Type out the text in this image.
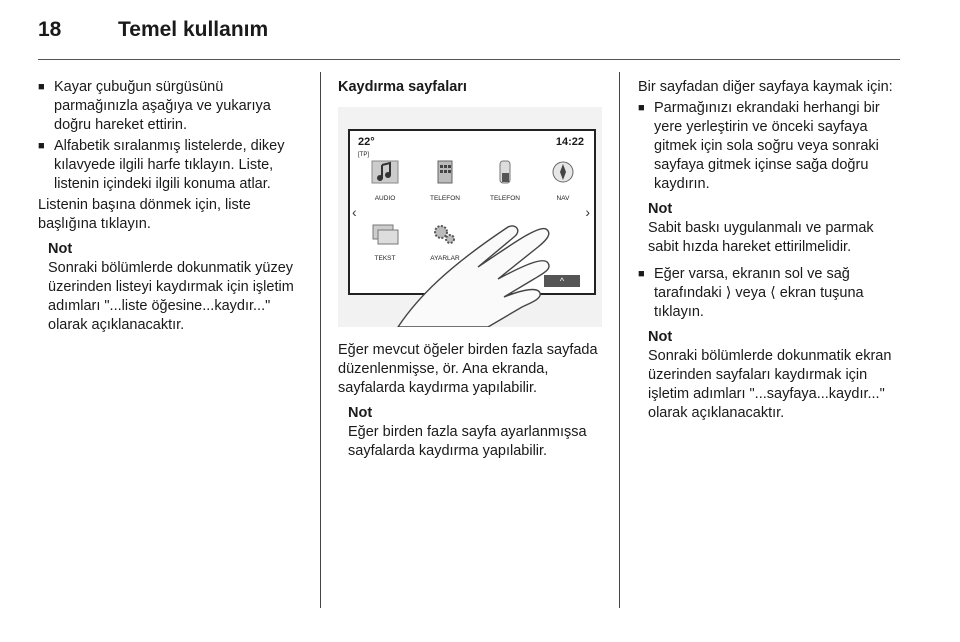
18	Temel kullanım
■ Kayar çubuğun sürgüsünü parmağınızla aşağıya ve yukarıya doğru hareket ettirin.
■ Alfabetik sıralanmış listelerde, dikey kılavyede ilgili harfe tıklayın. Liste, listenin içindeki ilgili konuma atlar.

Listenin başına dönmek için, liste başlığına tıklayın.

Not
Sonraki bölümlerde dokunmatik yüzey üzerinden listeyi kaydırmak için işletim adımları "...liste öğesine...kaydır..." olarak açıklanacaktır.
Kaydırma sayfaları
22°
[TP]
14:22
AUDIO	TELEFON	TELEFON	NAV
TEKST	AYARLAR
‹	›
^

Eğer mevcut öğeler birden fazla sayfada düzenlenmişse, ör. Ana ekranda, sayfalarda kaydırma yapılabilir.

Not
Eğer birden fazla sayfa ayarlanmışsa sayfalarda kaydırma yapılabilir.

Bir sayfadan diğer sayfaya kaymak için:

■ Parmağınızı ekrandaki herhangi bir yere yerleştirin ve önceki sayfaya gitmek için sola soğru veya sonraki sayfaya gitmek içinse sağa doğru kaydırın.
Not
Sabit baskı uygulanmalı ve parmak sabit hızda hareket ettirilmelidir.
■ Eğer varsa, ekranın sol ve sağ tarafındaki ⟩ veya ⟨ ekran tuşuna tıklayın.
Not
Sonraki bölümlerde dokunmatik ekran üzerinden sayfaları kaydırmak için işletim adımları "...sayfaya...kaydır..." olarak açıklanacaktır.
